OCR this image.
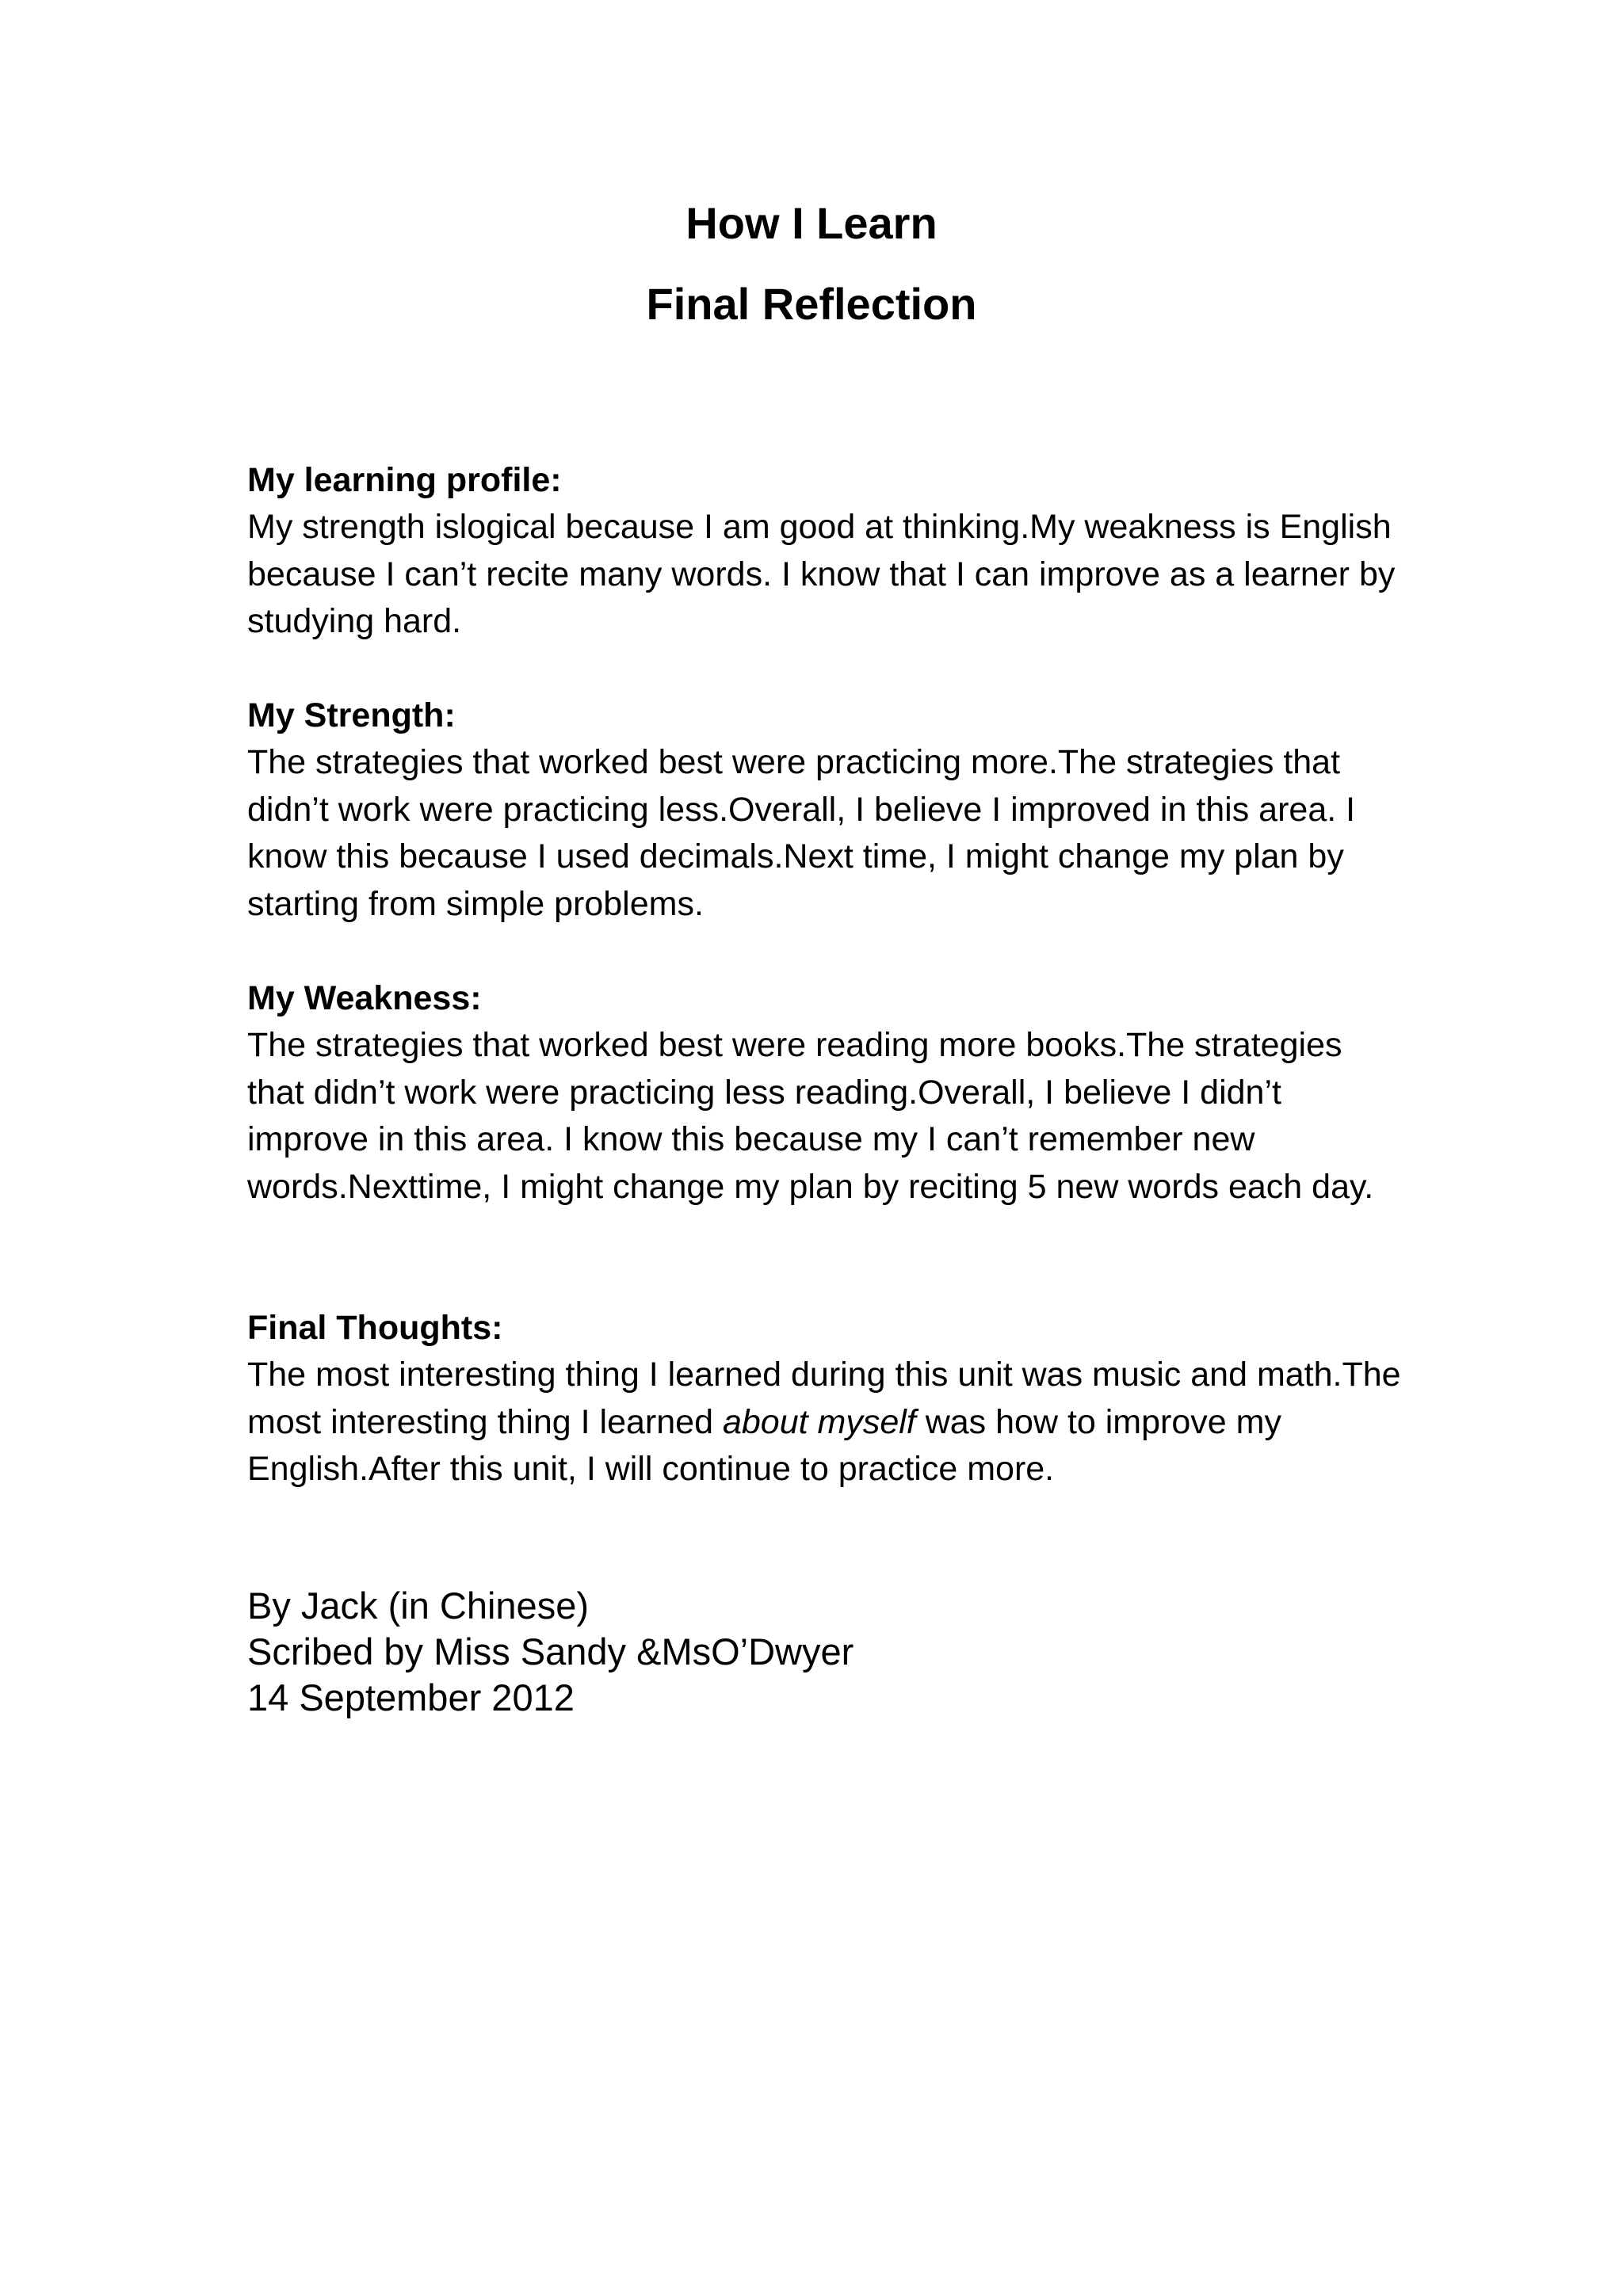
How I Learn
Final Reflection

My learning profile:

My strength islogical because I am good at thinking.My weakness is English because I can’t recite many words. I know that I can improve as a learner by studying hard.

My Strength:

The strategies that worked best were practicing more.The strategies that didn’t work were practicing less.Overall, I believe I improved in this area. I know this because I used decimals.Next time, I might change my plan by starting from simple problems.

My Weakness:

The strategies that worked best were reading more books.The strategies that didn’t work were practicing less reading.Overall, I believe I didn’t improve in this area. I know this because my I can’t remember new words.Nexttime, I might change my plan by reciting 5 new words each day.

Final Thoughts:

The most interesting thing I learned during this unit was music and math.The most interesting thing I learned about myself was how to improve my English.After this unit, I will continue to practice more.

By Jack (in Chinese)
Scribed by Miss Sandy &MsO’Dwyer
14 September 2012
